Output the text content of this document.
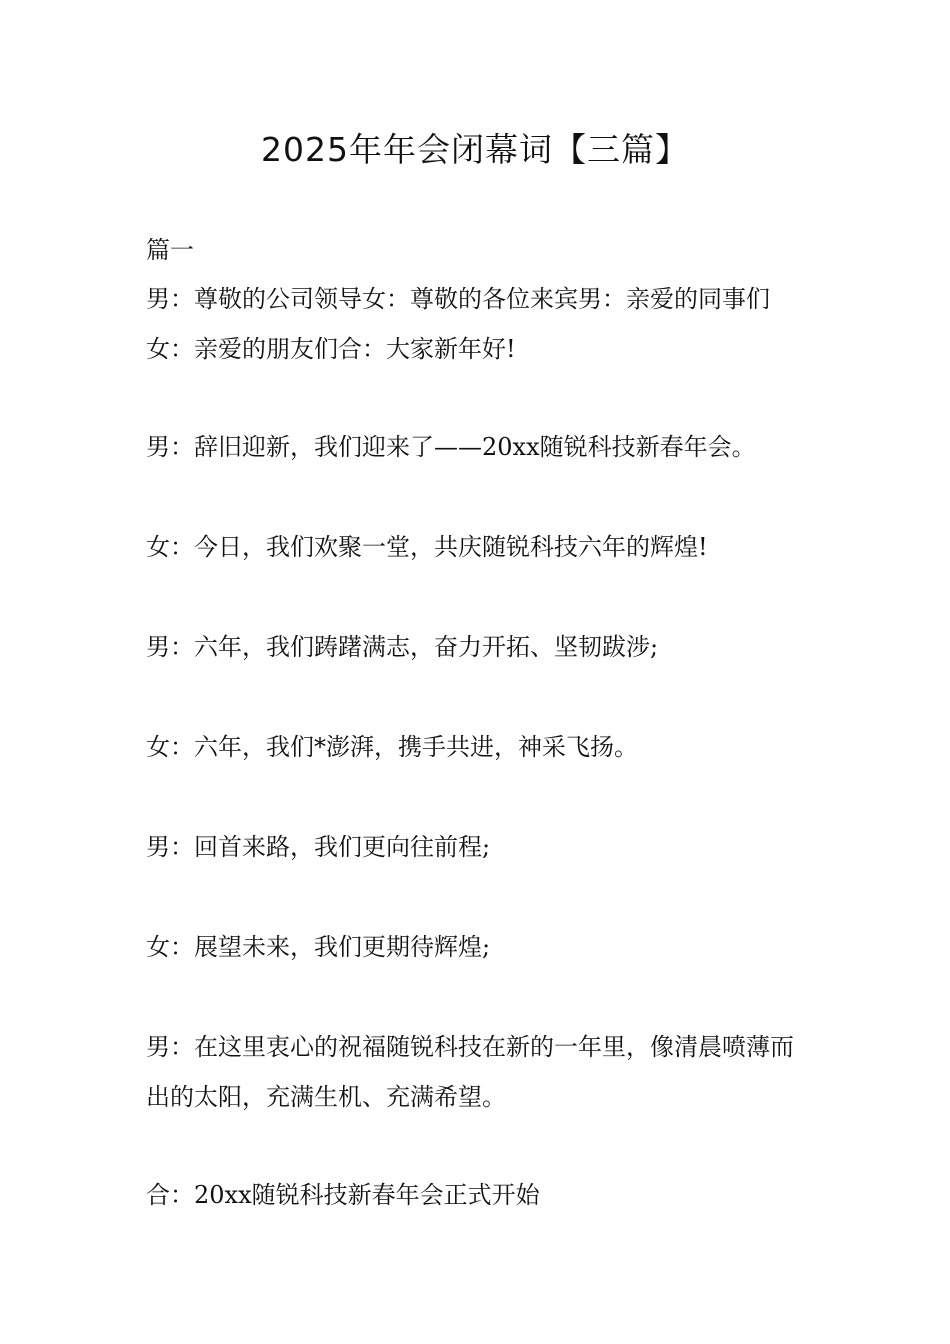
2025年年会闭幕词【三篇】

篇一

男：尊敬的公司领导女：尊敬的各位来宾男：亲爱的同事们女：亲爱的朋友们合：大家新年好!

男：辞旧迎新，我们迎来了——20xx随锐科技新春年会。

女：今日，我们欢聚一堂，共庆随锐科技六年的辉煌!

男：六年，我们踌躇满志，奋力开拓、坚韧跋涉;

女：六年，我们*澎湃，携手共进，神采飞扬。

男：回首来路，我们更向往前程;

女：展望未来，我们更期待辉煌;

男：在这里衷心的祝福随锐科技在新的一年里，像清晨喷薄而出的太阳，充满生机、充满希望。

合：20xx随锐科技新春年会正式开始
